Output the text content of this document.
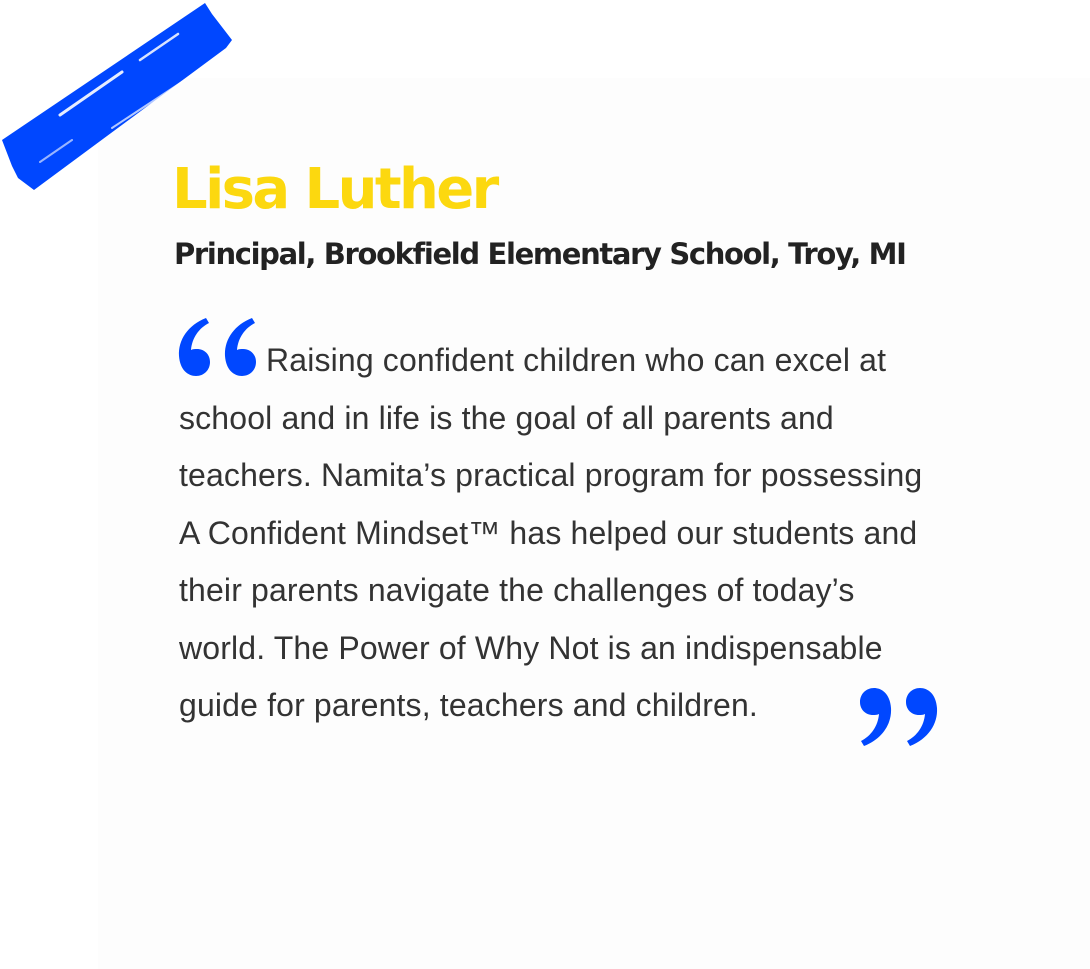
Lisa Luther
Principal, Brookfield Elementary School, Troy, MI

Raising confident children who can excel at

school and in life is the goal of all parents and

teachers. Namita’s practical program for possessing

A Confident Mindset™ has helped our students and

their parents navigate the challenges of today’s

world. The Power of Why Not is an indispensable

guide for parents, teachers and children.
